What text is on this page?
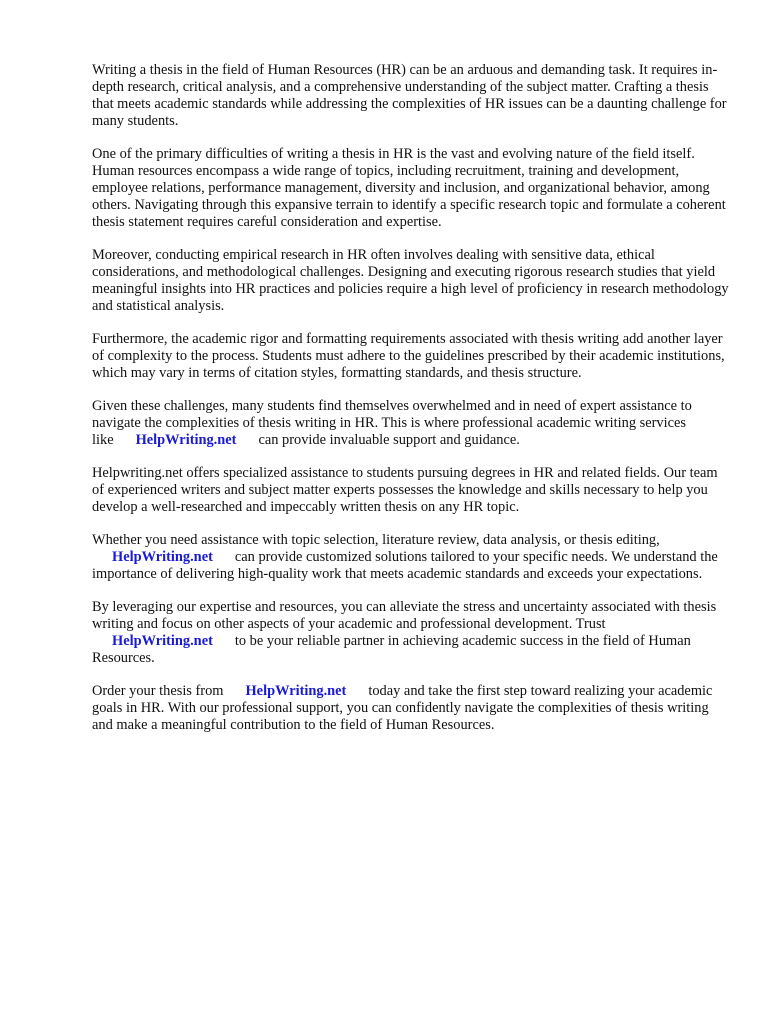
Writing a thesis in the field of Human Resources (HR) can be an arduous and demanding task. It requires in-depth research, critical analysis, and a comprehensive understanding of the subject matter. Crafting a thesis that meets academic standards while addressing the complexities of HR issues can be a daunting challenge for many students.

One of the primary difficulties of writing a thesis in HR is the vast and evolving nature of the field itself. Human resources encompass a wide range of topics, including recruitment, training and development, employee relations, performance management, diversity and inclusion, and organizational behavior, among others. Navigating through this expansive terrain to identify a specific research topic and formulate a coherent thesis statement requires careful consideration and expertise.

Moreover, conducting empirical research in HR often involves dealing with sensitive data, ethical considerations, and methodological challenges. Designing and executing rigorous research studies that yield meaningful insights into HR practices and policies require a high level of proficiency in research methodology and statistical analysis.

Furthermore, the academic rigor and formatting requirements associated with thesis writing add another layer of complexity to the process. Students must adhere to the guidelines prescribed by their academic institutions, which may vary in terms of citation styles, formatting standards, and thesis structure.

Given these challenges, many students find themselves overwhelmed and in need of expert assistance to navigate the complexities of thesis writing in HR. This is where professional academic writing services like HelpWriting.net can provide invaluable support and guidance.

Helpwriting.net offers specialized assistance to students pursuing degrees in HR and related fields. Our team of experienced writers and subject matter experts possesses the knowledge and skills necessary to help you develop a well-researched and impeccably written thesis on any HR topic.

Whether you need assistance with topic selection, literature review, data analysis, or thesis editing,
HelpWriting.net can provide customized solutions tailored to your specific needs. We understand the importance of delivering high-quality work that meets academic standards and exceeds your expectations.

By leveraging our expertise and resources, you can alleviate the stress and uncertainty associated with thesis writing and focus on other aspects of your academic and professional development. Trust
HelpWriting.net to be your reliable partner in achieving academic success in the field of Human Resources.

Order your thesis from HelpWriting.net today and take the first step toward realizing your academic goals in HR. With our professional support, you can confidently navigate the complexities of thesis writing and make a meaningful contribution to the field of Human Resources.
